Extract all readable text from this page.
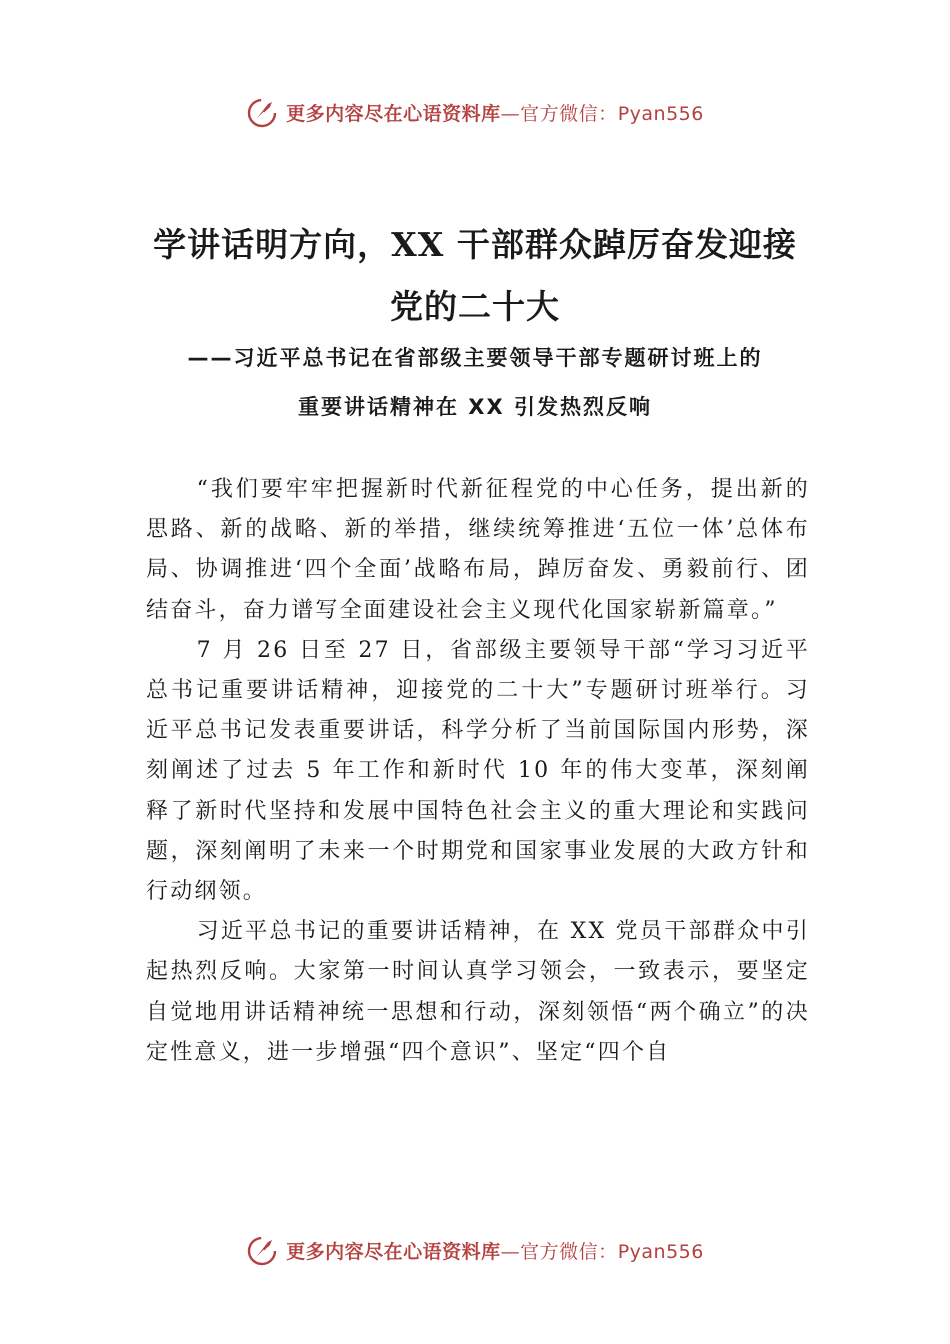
更多内容尽在心语资料库—官方微信：Pyan556
学讲话明方向，XX 干部群众踔厉奋发迎接
党的二十大
——习近平总书记在省部级主要领导干部专题研讨班上的
重要讲话精神在 XX 引发热烈反响

“我们要牢牢把握新时代新征程党的中心任务，提出新的思路、新的战略、新的举措，继续统筹推进‘五位一体’总体布局、协调推进‘四个全面’战略布局，踔厉奋发、勇毅前行、团结奋斗，奋力谱写全面建设社会主义现代化国家崭新篇章。”

7 月 26 日至 27 日，省部级主要领导干部“学习习近平总书记重要讲话精神，迎接党的二十大”专题研讨班举行。习近平总书记发表重要讲话，科学分析了当前国际国内形势，深刻阐述了过去 5 年工作和新时代 10 年的伟大变革，深刻阐释了新时代坚持和发展中国特色社会主义的重大理论和实践问题，深刻阐明了未来一个时期党和国家事业发展的大政方针和行动纲领。

习近平总书记的重要讲话精神，在 XX 党员干部群众中引起热烈反响。大家第一时间认真学习领会，一致表示，要坚定自觉地用讲话精神统一思想和行动，深刻领悟“两个确立”的决定性意义，进一步增强“四个意识”、坚定“四个自

更多内容尽在心语资料库—官方微信：Pyan556
